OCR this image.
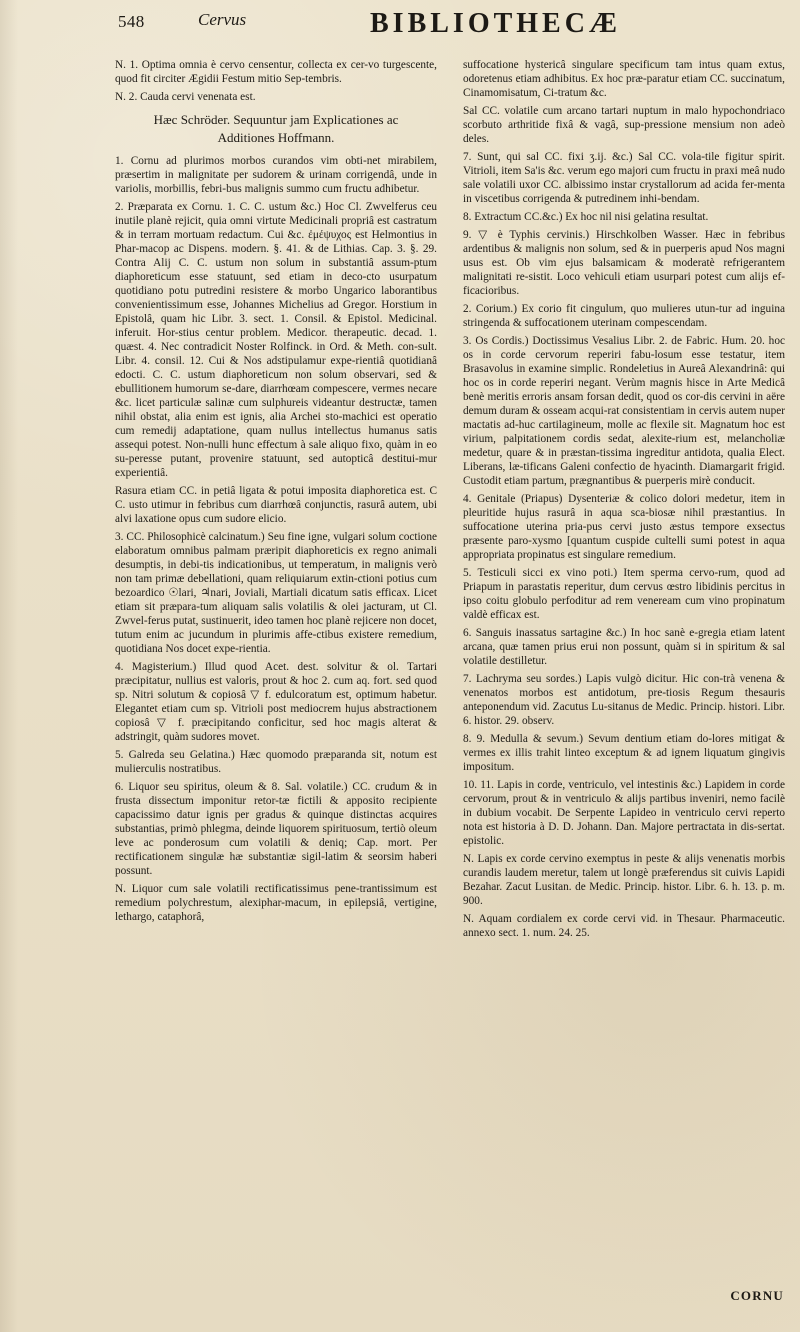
548	Cervus	BIBLIOTHECÆ

N. 1. Optima omnia è cervo censentur, collecta ex cer-vo turgescente, quod fit circiter Ægidii Festum mitio Sep-tembris.

N. 2. Cauda cervi venenata est.

Hæc Schröder. Sequuntur jam Explicationes ac
Additiones Hoffmann.

1. Cornu ad plurimos morbos curandos vim obti-net mirabilem, præsertim in malignitate per sudorem & urinam corrigendâ, unde in variolis, morbillis, febri-bus malignis summo cum fructu adhibetur.

2. Præparata ex Cornu. 1. C. C. ustum &c.) Hoc Cl. Zwvelferus ceu inutile planè rejicit, quia omni virtute Medicinali propriâ est castratum & in terram mortuam redactum. Cui &c. ἐμέψυχος est Helmontius in Phar-macop ac Dispens. modern. §. 41. & de Lithias. Cap. 3. §. 29. Contra Alij C. C. ustum non solum in substantiâ assum-ptum diaphoreticum esse statuunt, sed etiam in deco-cto usurpatum quotidiano potu putredini resistere & morbo Ungarico laborantibus convenientissimum esse, Johannes Michelius ad Gregor. Horstium in Epistolâ, quam hic Libr. 3. sect. 1. Consil. & Epistol. Medicinal. inferuit. Hor-stius centur problem. Medicor. therapeutic. decad. 1. quæst. 4. Nec contradicit Noster Rolfinck. in Ord. & Meth. con-sult. Libr. 4. consil. 12. Cui & Nos adstipulamur expe-rientiâ quotidianâ edocti. C. C. ustum diaphoreticum non solum observari, sed & ebullitionem humorum se-dare, diarrhœam compescere, vermes necare &c. licet particulæ salinæ cum sulphureis videantur destructæ, tamen nihil obstat, alia enim est ignis, alia Archei sto-machici est operatio cum remedij adaptatione, quam nullus intellectus humanus satis assequi potest. Non-nulli hunc effectum à sale aliquo fixo, quàm in eo su-peresse putant, provenire statuunt, sed autopticâ destitui-mur experientiâ.

Rasura etiam CC. in petiâ ligata & potui imposita diaphoretica est. C C. usto utimur in febribus cum diarrhœâ conjunctis, rasurâ autem, ubi alvi laxatione opus cum sudore elicio.

3. CC. Philosophicè calcinatum.) Seu fine igne, vulgari solum coctione elaboratum omnibus palmam præripit diaphoreticis ex regno animali desumptis, in debi-tis indicationibus, ut temperatum, in malignis verò non tam primæ debellationi, quam reliquiarum extin-ctioni potius cum bezoardico ☉lari, ♃nari, Joviali, Martiali dicatum satis efficax. Licet etiam sit præpara-tum aliquam salis volatilis & olei jacturam, ut Cl. Zwvel-ferus putat, sustinuerit, ideo tamen hoc planè rejicere non docet, tutum enim ac jucundum in plurimis affe-ctibus existere remedium, quotidiana Nos docet expe-rientia.

4. Magisterium.) Illud quod Acet. dest. solvitur & ol. Tartari præcipitatur, nullius est valoris, prout & hoc 2. cum aq. fort. sed quod sp. Nitri solutum & copiosâ ▽ f. edulcoratum est, optimum habetur. Elegantet etiam cum sp. Vitrioli post mediocrem hujus abstractionem copiosâ ▽ f. præcipitando conficitur, sed hoc magis alterat & adstringit, quàm sudores movet.

5. Galreda seu Gelatina.) Hæc quomodo præparanda sit, notum est mulierculis nostratibus.

6. Liquor seu spiritus, oleum & 8. Sal. volatile.) CC. crudum & in frusta dissectum imponitur retor-tæ fictili & apposito recipiente capacissimo datur ignis per gradus & quinque distinctas acquires substantias, primò phlegma, deinde liquorem spirituosum, tertiò oleum leve ac ponderosum cum volatili & deniq; Cap. mort. Per rectificationem singulæ hæ substantiæ sigil-latim & seorsim haberi possunt.

N. Liquor cum sale volatili rectificatissimus pene-trantissimum est remedium polychrestum, alexiphar-macum, in epilepsiâ, vertigine, lethargo, cataphorâ,

suffocatione hystericâ singulare specificum tam intus quam extus, odoretenus etiam adhibitus. Ex hoc præ-paratur etiam CC. succinatum, Cinamomisatum, Ci-tratum &c.

Sal CC. volatile cum arcano tartari nuptum in malo hypochondriaco scorbuto arthritide fixâ & vagâ, sup-pressione mensium non adeò deles.

7. Sunt, qui sal CC. fixi ʒ.ij. &c.) Sal CC. vola-tile figitur spirit. Vitrioli, item Sa'is &c. verum ego majori cum fructu in praxi meâ nudo sale volatili uxor CC. albissimo instar crystallorum ad acida fer-menta in viscetibus corrigenda & putredinem inhi-bendam.

8. Extractum CC.&c.) Ex hoc nil nisi gelatina resultat.

9. ▽ è Typhis cervinis.) Hirschkolben Wasser. Hæc in febribus ardentibus & malignis non solum, sed & in puerperis apud Nos magni usus est. Ob vim ejus balsamicam & moderatè refrigerantem malignitati re-sistit. Loco vehiculi etiam usurpari potest cum alijs ef-ficacioribus.

2. Corium.) Ex corio fit cingulum, quo mulieres utun-tur ad inguina stringenda & suffocationem uterinam compescendam.

3. Os Cordis.) Doctissimus Vesalius Libr. 2. de Fabric. Hum. 20. hoc os in corde cervorum reperiri fabu-losum esse testatur, item Brasavolus in examine simplic. Rondeletius in Aureâ Alexandrinâ: qui hoc os in corde reperiri negant. Verùm magnis hisce in Arte Medicâ benè meritis erroris ansam forsan dedit, quod os cor-dis cervini in aëre demum duram & osseam acqui-rat consistentiam in cervis autem nuper mactatis ad-huc cartilagineum, molle ac flexile sit. Magnatum hoc est virium, palpitationem cordis sedat, alexite-rium est, melancholiæ medetur, quare & in præstan-tissima ingreditur antidota, qualia Elect. Liberans, læ-tificans Galeni confectio de hyacinth. Diamargarit frigid. Custodit etiam partum, prægnantibus & puerperis mirè conducit.

4. Genitale (Priapus) Dysenteriæ & colico dolori medetur, item in pleuritide hujus rasurâ in aqua sca-biosæ nihil præstantius. In suffocatione uterina pria-pus cervi justo æstus tempore exsectus præsente paro-xysmo [quantum cuspide cultelli sumi potest in aqua appropriata propinatus est singulare remedium.

5. Testiculi sicci ex vino poti.) Item sperma cervo-rum, quod ad Priapum in parastatis reperitur, dum cervus œstro libidinis percitus in ipso coitu globulo perfoditur ad rem veneream cum vino propinatum valdè efficax est.

6. Sanguis inassatus sartagine &c.) In hoc sanè e-gregia etiam latent arcana, quæ tamen prius erui non possunt, quàm si in spiritum & sal volatile destilletur.

7. Lachryma seu sordes.) Lapis vulgò dicitur. Hic con-trà venena & venenatos morbos est antidotum, pre-tiosis Regum thesauris anteponendum vid. Zacutus Lu-sitanus de Medic. Princip. histori. Libr. 6. histor. 29. observ.

8. 9. Medulla & sevum.) Sevum dentium etiam do-lores mitigat & vermes ex illis trahit linteo exceptum & ad ignem liquatum gingivis impositum.

10. 11. Lapis in corde, ventriculo, vel intestinis &c.) Lapidem in corde cervorum, prout & in ventriculo & alijs partibus inveniri, nemo facilè in dubium vocabit. De Serpente Lapideo in ventriculo cervi reperto nota est historia à D. D. Johann. Dan. Majore pertractata in dis-sertat. epistolic.

N. Lapis ex corde cervino exemptus in peste & alijs venenatis morbis curandis laudem meretur, talem ut longè præferendus sit cuivis Lapidi Bezahar. Zacut Lusitan. de Medic. Princip. histor. Libr. 6. h. 13. p. m. 900.

N. Aquam cordialem ex corde cervi vid. in Thesaur. Pharmaceutic. annexo sect. 1. num. 24. 25.

CORNU
